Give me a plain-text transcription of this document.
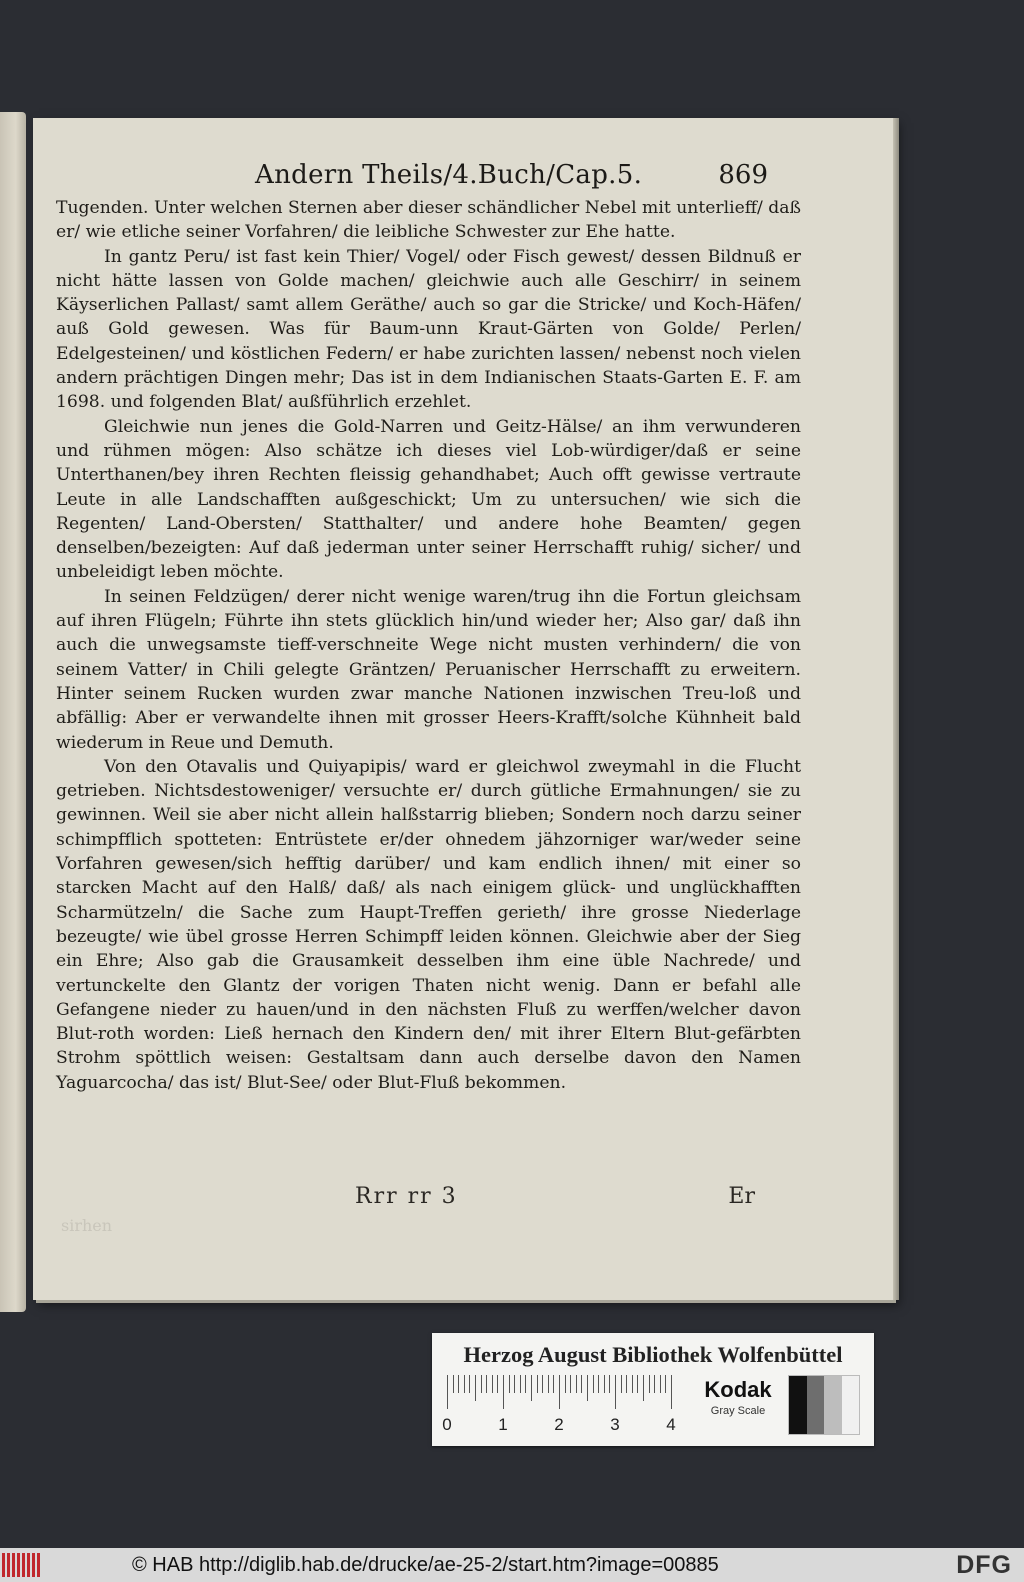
Andern Theils/4.Buch/Cap.5.	869

Tugenden. Unter welchen Sternen aber dieser schändlicher Nebel mit unterlieff/ daß er/ wie etliche seiner Vorfahren/ die leibliche Schwester zur Ehe hatte.

In gantz Peru/ ist fast kein Thier/ Vogel/ oder Fisch gewest/ dessen Bildnuß er nicht hätte lassen von Golde machen/ gleichwie auch alle Geschirr/ in seinem Käyserlichen Pallast/ samt allem Geräthe/ auch so gar die Stricke/ und Koch-Häfen/ auß Gold gewesen. Was für Baum-unn Kraut-Gärten von Golde/ Perlen/ Edelgesteinen/ und köstlichen Federn/ er habe zurichten lassen/ nebenst noch vielen andern prächtigen Dingen mehr; Das ist in dem Indianischen Staats-Garten E. F. am 1698. und folgenden Blat/ außführlich erzehlet.

Gleichwie nun jenes die Gold-Narren und Geitz-Hälse/ an ihm verwunderen und rühmen mögen: Also schätze ich dieses viel Lob-würdiger/daß er seine Unterthanen/bey ihren Rechten fleissig gehandhabet; Auch offt gewisse vertraute Leute in alle Landschafften außgeschickt; Um zu untersuchen/ wie sich die Regenten/ Land-Obersten/ Statthalter/ und andere hohe Beamten/ gegen denselben/bezeigten: Auf daß jederman unter seiner Herrschafft ruhig/ sicher/ und unbeleidigt leben möchte.

In seinen Feldzügen/ derer nicht wenige waren/trug ihn die Fortun gleichsam auf ihren Flügeln; Führte ihn stets glücklich hin/und wieder her; Also gar/ daß ihn auch die unwegsamste tieff-verschneite Wege nicht musten verhindern/ die von seinem Vatter/ in Chili gelegte Gräntzen/ Peruanischer Herrschafft zu erweitern. Hinter seinem Rucken wurden zwar manche Nationen inzwischen Treu-loß und abfällig: Aber er verwandelte ihnen mit grosser Heers-Krafft/solche Kühnheit bald wiederum in Reue und Demuth.

Von den Otavalis und Quiyapipis/ ward er gleichwol zweymahl in die Flucht getrieben. Nichtsdestoweniger/ versuchte er/ durch gütliche Ermahnungen/ sie zu gewinnen. Weil sie aber nicht allein halßstarrig blieben; Sondern noch darzu seiner schimpfflich spotteten: Entrüstete er/der ohnedem jähzorniger war/weder seine Vorfahren gewesen/sich hefftig darüber/ und kam endlich ihnen/ mit einer so starcken Macht auf den Halß/ daß/ als nach einigem glück- und unglückhafften Scharmützeln/ die Sache zum Haupt-Treffen gerieth/ ihre grosse Niederlage bezeugte/ wie übel grosse Herren Schimpff leiden können. Gleichwie aber der Sieg ein Ehre; Also gab die Grausamkeit desselben ihm eine üble Nachrede/ und vertunckelte den Glantz der vorigen Thaten nicht wenig. Dann er befahl alle Gefangene nieder zu hauen/und in den nächsten Fluß zu werffen/welcher davon Blut-roth worden: Ließ hernach den Kindern den/ mit ihrer Eltern Blut-gefärbten Strohm spöttlich weisen: Gestaltsam dann auch derselbe davon den Namen Yaguarcocha/ das ist/ Blut-See/ oder Blut-Fluß bekommen.

Rrr rr 3	Er
sirhen
Herzog August Bibliothek Wolfenbüttel
0	1	2	3	4
Kodak
Gray Scale
© HAB http://diglib.hab.de/drucke/ae-25-2/start.htm?image=00885	DFG
